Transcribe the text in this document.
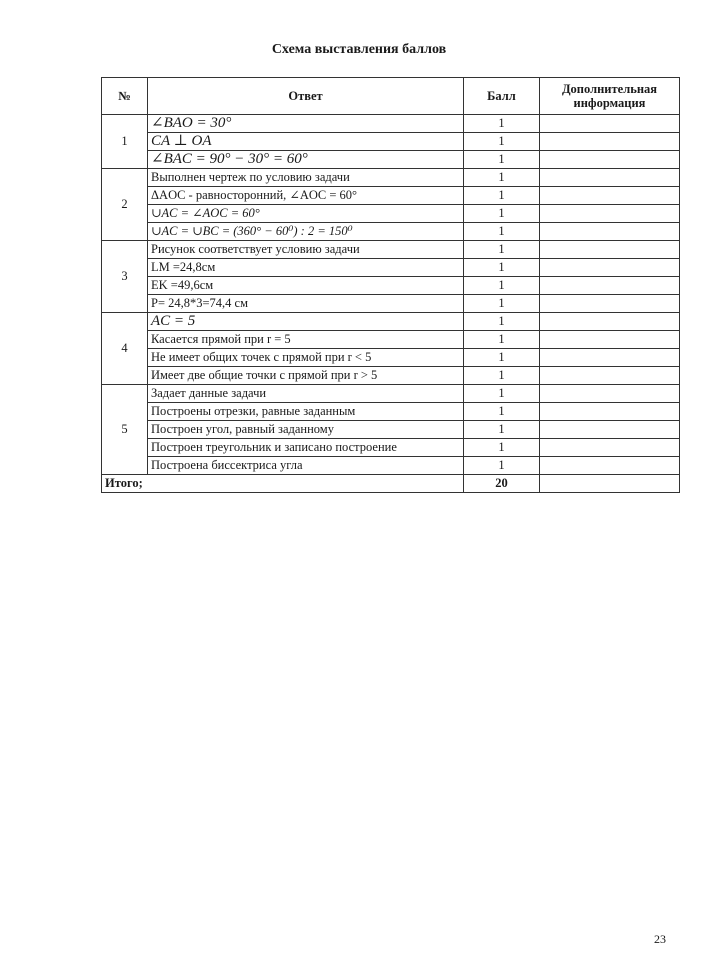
Схема выставления баллов
№	Ответ	Балл	Дополнительная информация
1	∠BAO = 30°	1	
	CA ⊥ OA	1	
	∠BAC = 90° − 30° = 60°	1	
2	Выполнен чертеж по условию задачи	1	
	ΔAOC - равносторонний, ∠AOC = 60°	1	
	∪AC = ∠AOC = 60°	1	
	∪AC = ∪BC = (360° − 60⁰) : 2 = 150⁰	1	
3	Рисунок соответствует условию задачи	1	
	LM =24,8см	1	
	EK =49,6см	1	
	P= 24,8*3=74,4 см	1	
4	AC = 5	1	
	Касается прямой при r = 5	1	
	Не имеет общих точек с прямой при r < 5	1	
	Имеет две общие точки с прямой при r > 5	1	
5	Задает данные задачи	1	
	Построены отрезки, равные заданным	1	
	Построен угол, равный заданному	1	
	Построен треугольник и записано построение	1	
	Построена биссектриса угла	1	
Итого;		20	
23
